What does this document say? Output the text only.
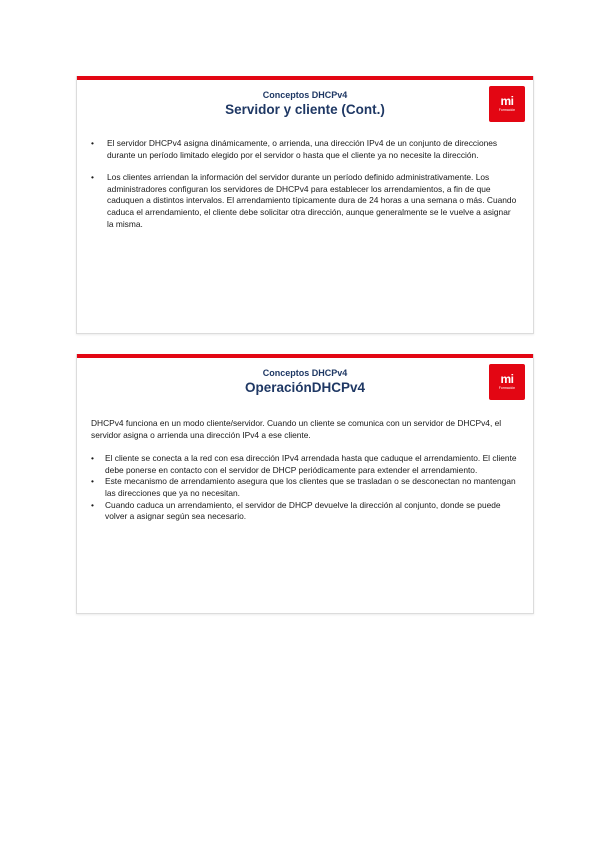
Conceptos DHCPv4
Servidor y cliente (Cont.)
mi
Formación
• El servidor DHCPv4 asigna dinámicamente, o arrienda, una dirección IPv4 de un conjunto de direcciones durante un período limitado elegido por el servidor o hasta que el cliente ya no necesite la dirección.
• Los clientes arriendan la información del servidor durante un período definido administrativamente. Los administradores configuran los servidores de DHCPv4 para establecer los arrendamientos, a fin de que caduquen a distintos intervalos. El arrendamiento típicamente dura de 24 horas a una semana o más. Cuando caduca el arrendamiento, el cliente debe solicitar otra dirección, aunque generalmente se le vuelve a asignar la misma.
Conceptos DHCPv4
OperaciónDHCPv4
mi
Formación

DHCPv4 funciona en un modo cliente/servidor. Cuando un cliente se comunica con un servidor de DHCPv4, el servidor asigna o arrienda una dirección IPv4 a ese cliente.

• El cliente se conecta a la red con esa dirección IPv4 arrendada hasta que caduque el arrendamiento. El cliente debe ponerse en contacto con el servidor de DHCP periódicamente para extender el arrendamiento.
• Este mecanismo de arrendamiento asegura que los clientes que se trasladan o se desconectan no mantengan las direcciones que ya no necesitan.
• Cuando caduca un arrendamiento, el servidor de DHCP devuelve la dirección al conjunto, donde se puede volver a asignar según sea necesario.
